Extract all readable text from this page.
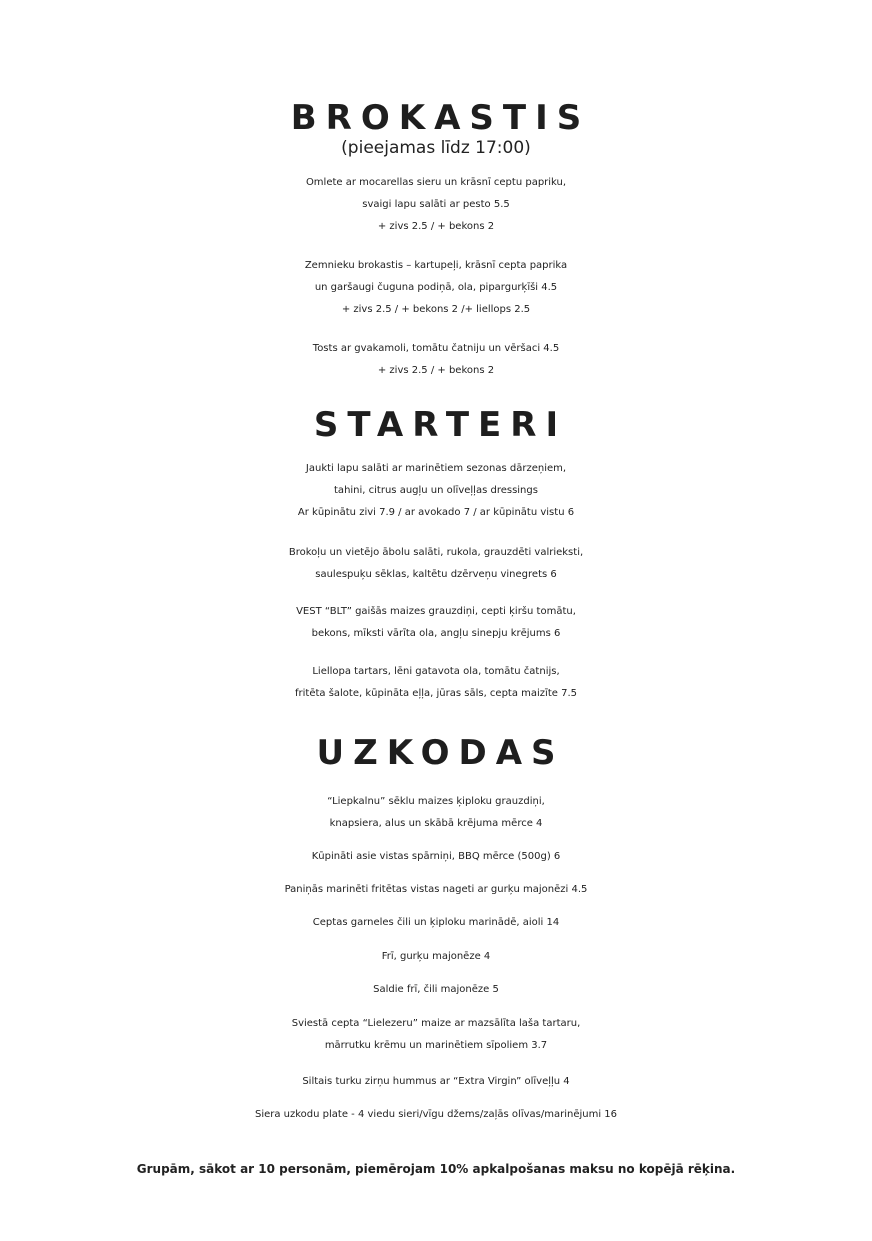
BROKASTIS

(pieejamas līdz 17:00)

Omlete ar mocarellas sieru un krāsnī ceptu papriku,
svaigi lapu salāti ar pesto 5.5
+ zivs 2.5 / + bekons 2
Zemnieku brokastis – kartupeļi, krāsnī cepta paprika
un garšaugi čuguna podiņā, ola, pipargurķīši 4.5
+ zivs 2.5 / + bekons 2 /+ liellops 2.5
Tosts ar gvakamoli, tomātu čatniju un vēršaci 4.5
+ zivs 2.5 / + bekons 2
STARTERI
Jaukti lapu salāti ar marinētiem sezonas dārzeņiem,
tahini, citrus augļu un olīveļļas dressings
Ar kūpinātu zivi 7.9 / ar avokado 7 / ar kūpinātu vistu 6
Brokoļu un vietējo ābolu salāti, rukola, grauzdēti valrieksti,
saulespuķu sēklas, kaltētu dzērveņu vinegrets 6
VEST “BLT” gaišās maizes grauzdiņi, cepti ķiršu tomātu,
bekons, mīksti vārīta ola, angļu sinepju krējums 6
Liellopa tartars, lēni gatavota ola, tomātu čatnijs,
fritēta šalote, kūpināta eļļa, jūras sāls, cepta maizīte 7.5
UZKODAS
“Liepkalnu” sēklu maizes ķiploku grauzdiņi,
knapsiera, alus un skābā krējuma mērce 4
Kūpināti asie vistas spārniņi, BBQ mērce (500g) 6
Paniņās marinēti fritētas vistas nageti ar gurķu majonēzi 4.5
Ceptas garneles čili un ķiploku marinādē, aioli 14
Frī, gurķu majonēze 4
Saldie frī, čili majonēze 5
Sviestā cepta “Lielezeru” maize ar mazsālīta laša tartaru,
mārrutku krēmu un marinētiem sīpoliem 3.7
Siltais turku zirņu hummus ar “Extra Virgin” olīveļļu 4
Siera uzkodu plate - 4 viedu sieri/vīgu džems/zaļās olīvas/marinējumi 16
Grupām, sākot ar 10 personām, piemērojam 10% apkalpošanas maksu no kopējā rēķina.
